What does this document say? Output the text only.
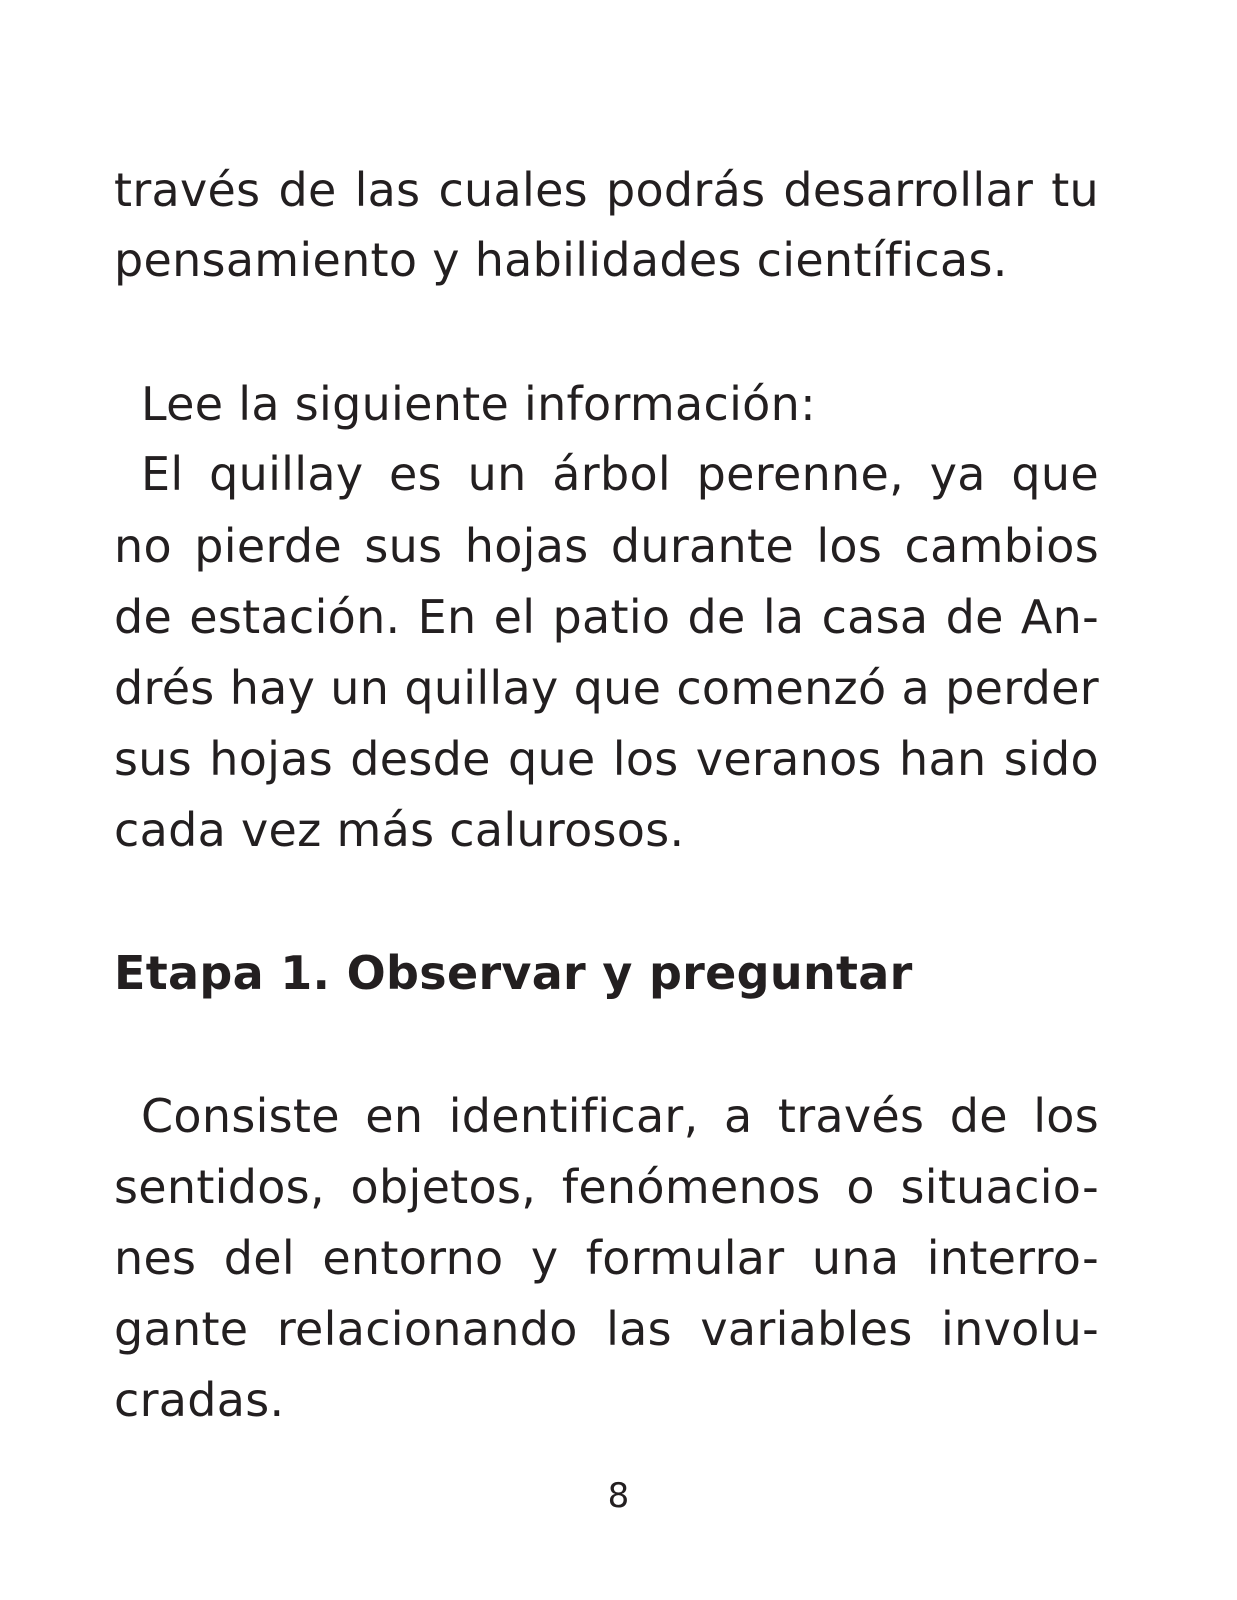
través de las cuales podrás desarrollar tu
pensamiento y habilidades científicas.
Lee la siguiente información:
El quillay es un árbol perenne, ya que
no pierde sus hojas durante los cambios
de estación. En el patio de la casa de An-
drés hay un quillay que comenzó a perder
sus hojas desde que los veranos han sido
cada vez más calurosos.
Etapa 1. Observar y preguntar
Consiste en identificar, a través de los
sentidos, objetos, fenómenos o situacio-
nes del entorno y formular una interro-
gante relacionando las variables involu-
cradas.
8
